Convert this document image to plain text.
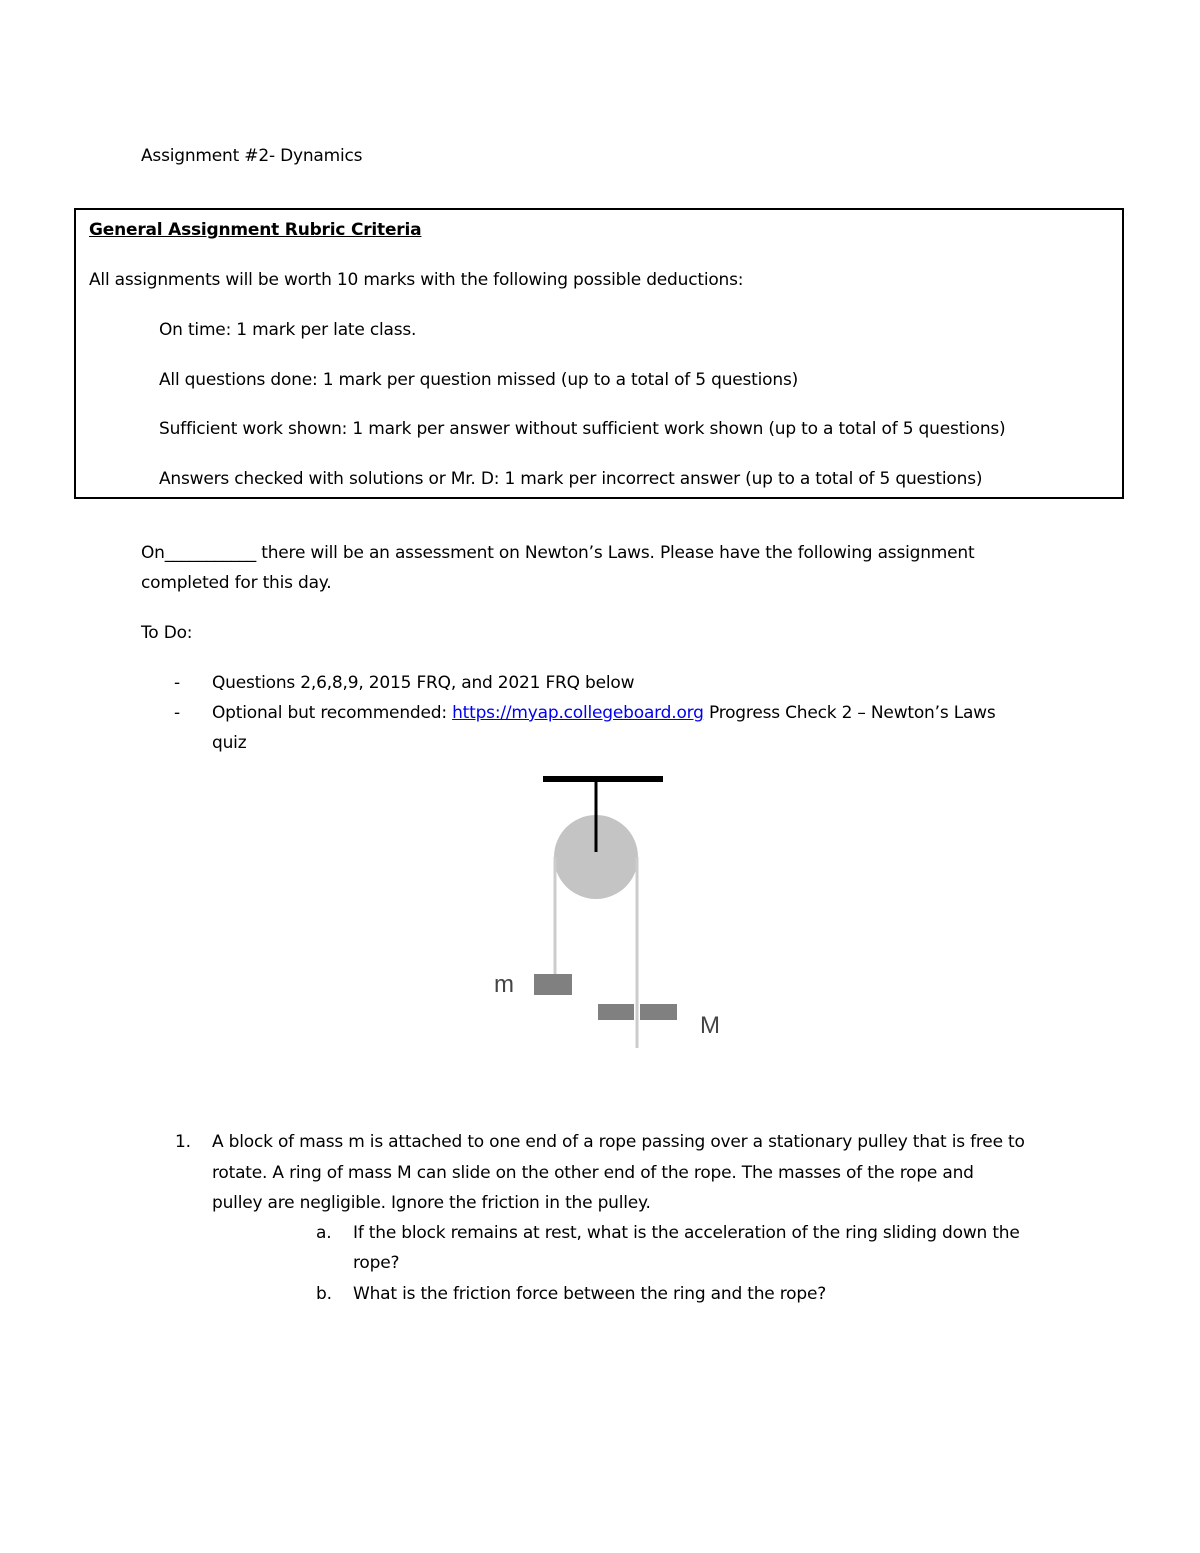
Assignment #2- Dynamics
General Assignment Rubric Criteria
All assignments will be worth 10 marks with the following possible deductions:
On time: 1 mark per late class.
All questions done: 1 mark per question missed (up to a total of 5 questions)
Sufficient work shown: 1 mark per answer without sufficient work shown (up to a total of 5 questions)
Answers checked with solutions or Mr. D: 1 mark per incorrect answer (up to a total of 5 questions)
On___________ there will be an assessment on Newton’s Laws. Please have the following assignment
completed for this day.
To Do:
- Questions 2,6,8,9, 2015 FRQ, and 2021 FRQ below
- Optional but recommended: https://myap.collegeboard.org Progress Check 2 – Newton’s Laws
quiz
m
M
1. A block of mass m is attached to one end of a rope passing over a stationary pulley that is free to
rotate. A ring of mass M can slide on the other end of the rope. The masses of the rope and
pulley are negligible. Ignore the friction in the pulley.
a. If the block remains at rest, what is the acceleration of the ring sliding down the
rope?
b. What is the friction force between the ring and the rope?
